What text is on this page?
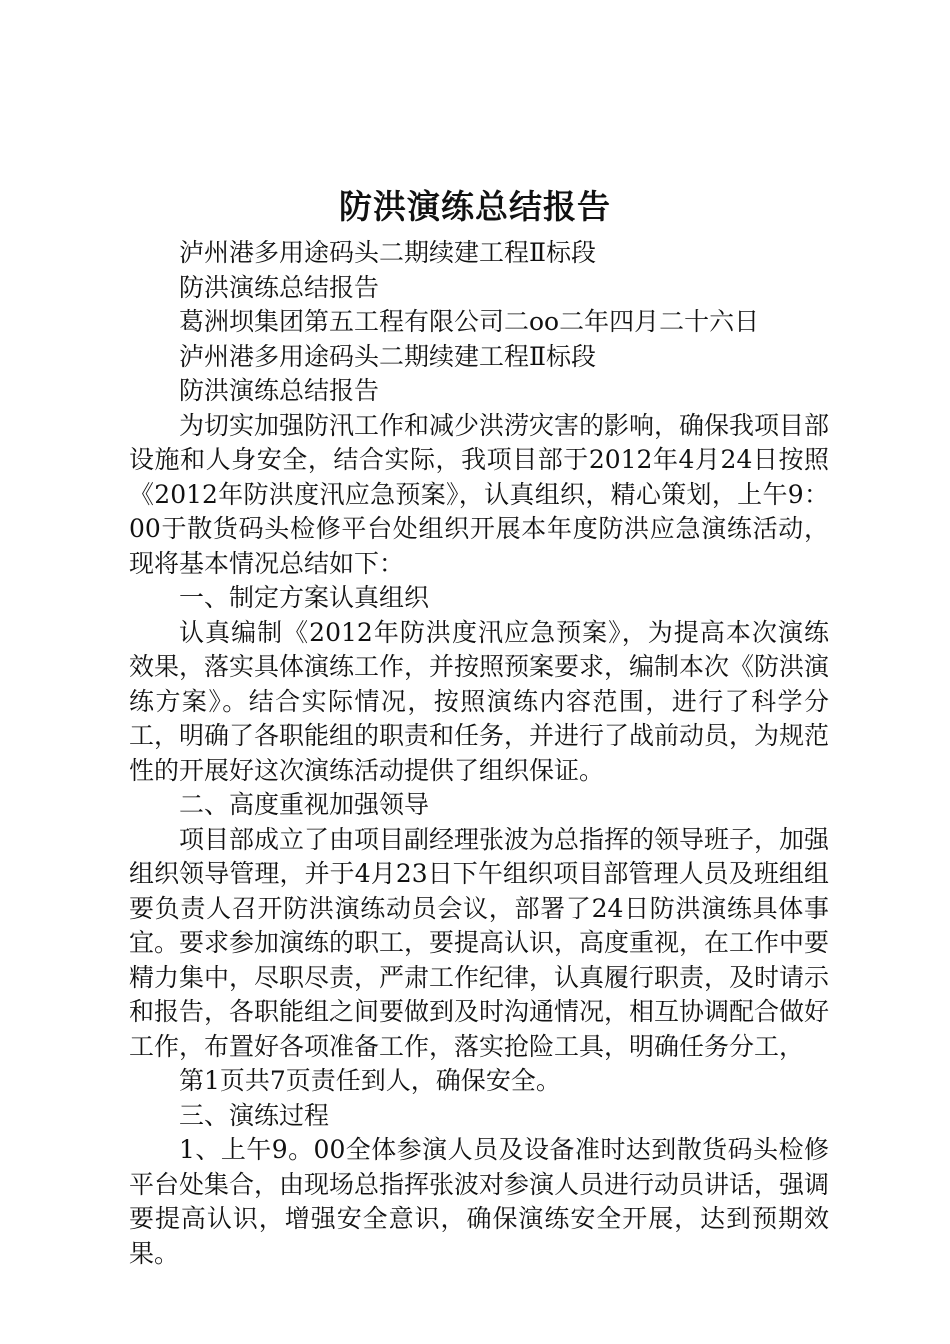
防洪演练总结报告

泸州港多用途码头二期续建工程Ⅱ标段

防洪演练总结报告

葛洲坝集团第五工程有限公司二oo二年四月二十六日

泸州港多用途码头二期续建工程Ⅱ标段

防洪演练总结报告

为切实加强防汛工作和减少洪涝灾害的影响，确保我项目部设施和人身安全，结合实际，我项目部于2012年4月24日按照《2012年防洪度汛应急预案》，认真组织，精心策划，上午9：00于散货码头检修平台处组织开展本年度防洪应急演练活动，现将基本情况总结如下：

一、制定方案认真组织

认真编制《2012年防洪度汛应急预案》，为提高本次演练效果，落实具体演练工作，并按照预案要求，编制本次《防洪演练方案》。结合实际情况，按照演练内容范围，进行了科学分工，明确了各职能组的职责和任务，并进行了战前动员，为规范性的开展好这次演练活动提供了组织保证。

二、高度重视加强领导

项目部成立了由项目副经理张波为总指挥的领导班子，加强组织领导管理，并于4月23日下午组织项目部管理人员及班组组要负责人召开防洪演练动员会议，部署了24日防洪演练具体事宜。要求参加演练的职工，要提高认识，高度重视，在工作中要精力集中，尽职尽责，严肃工作纪律，认真履行职责，及时请示和报告，各职能组之间要做到及时沟通情况，相互协调配合做好工作，布置好各项准备工作，落实抢险工具，明确任务分工，

第1页共7页责任到人，确保安全。

三、演练过程

1、上午9。00全体参演人员及设备准时达到散货码头检修平台处集合，由现场总指挥张波对参演人员进行动员讲话，强调要提高认识，增强安全意识，确保演练安全开展，达到预期效果。
